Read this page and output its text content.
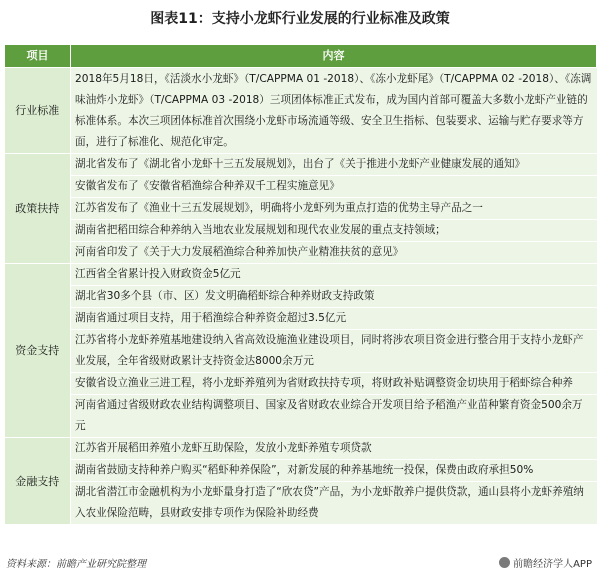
图表11：支持小龙虾行业发展的行业标准及政策
项目	内容
行业标准	2018年5月18日，《活淡水小龙虾》（T/CAPPMA 01 -2018）、《冻小龙虾尾》（T/CAPPMA 02 -2018）、《冻调味油炸小龙虾》（T/CAPPMA 03 -2018）三项团体标准正式发布，成为国内首部可覆盖大多数小龙虾产业链的标准体系。本次三项团体标准首次围绕小龙虾市场流通等级、安全卫生指标、包装要求、运输与贮存要求等方面，进行了标准化、规范化审定。
政策扶持	湖北省发布了《湖北省小龙虾十三五发展规划》，出台了《关于推进小龙虾产业健康发展的通知》
	安徽省发布了《安徽省稻渔综合种养双千工程实施意见》
	江苏省发布了《渔业十三五发展规划》，明确将小龙虾列为重点打造的优势主导产品之一
	湖南省把稻田综合种养纳入当地农业发展规划和现代农业发展的重点支持领域；
	河南省印发了《关于大力发展稻渔综合种养加快产业精准扶贫的意见》
资金支持	江西省全省累计投入财政资金5亿元
	湖北省30多个县（市、区）发文明确稻虾综合种养财政支持政策
	湖南省通过项目支持，用于稻渔综合种养资金超过3.5亿元
	江苏省将小龙虾养殖基地建设纳入省高效设施渔业建设项目，同时将涉农项目资金进行整合用于支持小龙虾产业发展，全年省级财政累计支持资金达8000余万元
	安徽省设立渔业三进工程，将小龙虾养殖列为省财政扶持专项，将财政补贴调整资金切块用于稻虾综合种养
	河南省通过省级财政农业结构调整项目、国家及省财政农业综合开发项目给予稻渔产业苗种繁育资金500余万元
金融支持	江苏省开展稻田养殖小龙虾互助保险，发放小龙虾养殖专项贷款
	湖南省鼓励支持种养户购买“稻虾种养保险”，对新发展的种养基地统一投保，保费由政府承担50%
	湖北省潜江市金融机构为小龙虾量身打造了“欣农贷”产品，为小龙虾散养户提供贷款，通山县将小龙虾养殖纳入农业保险范畴，县财政安排专项作为保险补助经费
资料来源：前瞻产业研究院整理	前瞻经济学人APP
